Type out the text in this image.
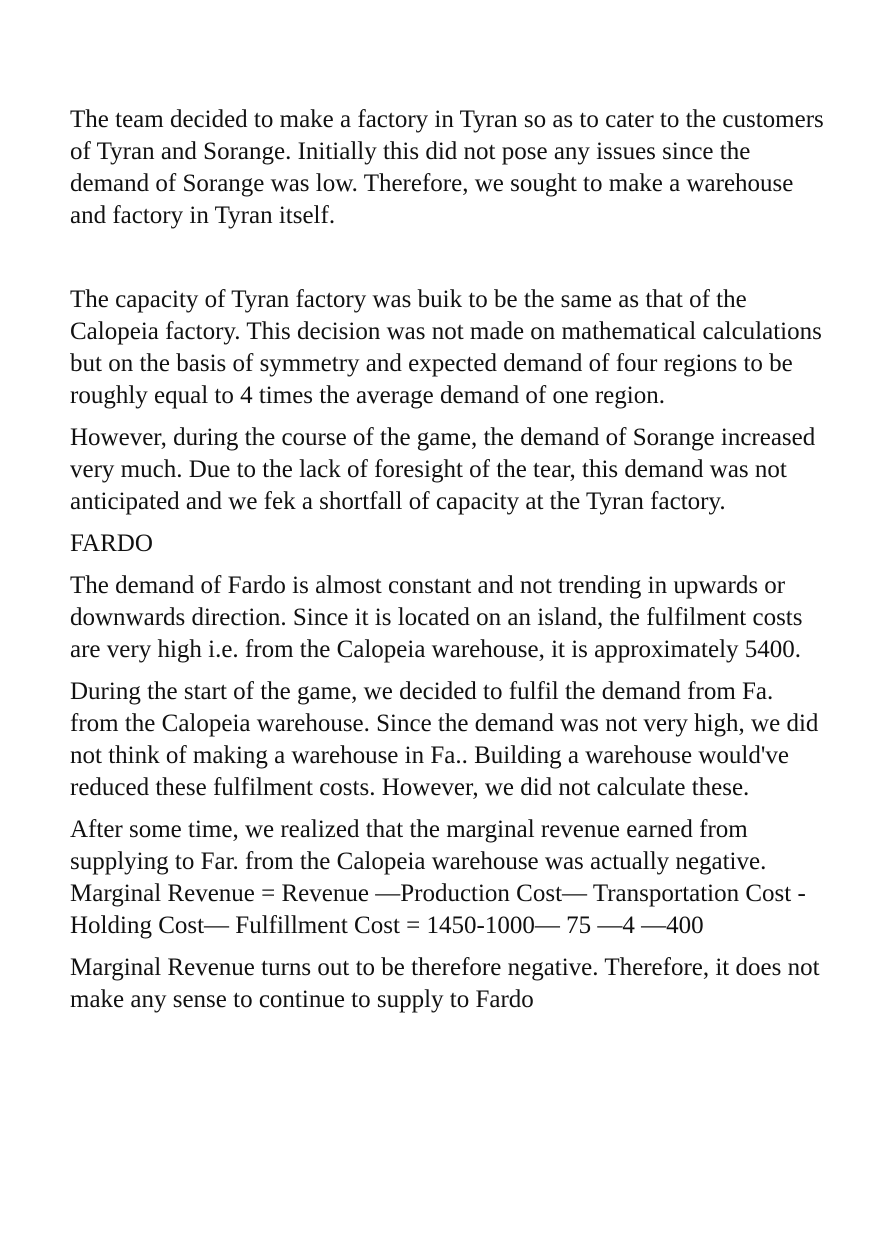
The team decided to make a factory in Tyran so as to cater to the customers
of Tyran and Sorange. Initially this did not pose any issues since the
demand of Sorange was low. Therefore, we sought to make a warehouse
and factory in Tyran itself.

The capacity of Tyran factory was buik to be the same as that of the
Calopeia factory. This decision was not made on mathematical calculations
but on the basis of symmetry and expected demand of four regions to be
roughly equal to 4 times the average demand of one region.

However, during the course of the game, the demand of Sorange increased
very much. Due to the lack of foresight of the tear, this demand was not
anticipated and we fek a shortfall of capacity at the Tyran factory.

FARDO

The demand of Fardo is almost constant and not trending in upwards or
downwards direction. Since it is located on an island, the fulfilment costs
are very high i.e. from the Calopeia warehouse, it is approximately 5400.

During the start of the game, we decided to fulfil the demand from Fa.
from the Calopeia warehouse. Since the demand was not very high, we did
not think of making a warehouse in Fa.. Building a warehouse would've
reduced these fulfilment costs. However, we did not calculate these.

After some time, we realized that the marginal revenue earned from
supplying to Far. from the Calopeia warehouse was actually negative.
Marginal Revenue = Revenue —Production Cost— Transportation Cost -
Holding Cost— Fulfillment Cost = 1450-1000— 75 —4 —400

Marginal Revenue turns out to be therefore negative. Therefore, it does not
make any sense to continue to supply to Fardo
